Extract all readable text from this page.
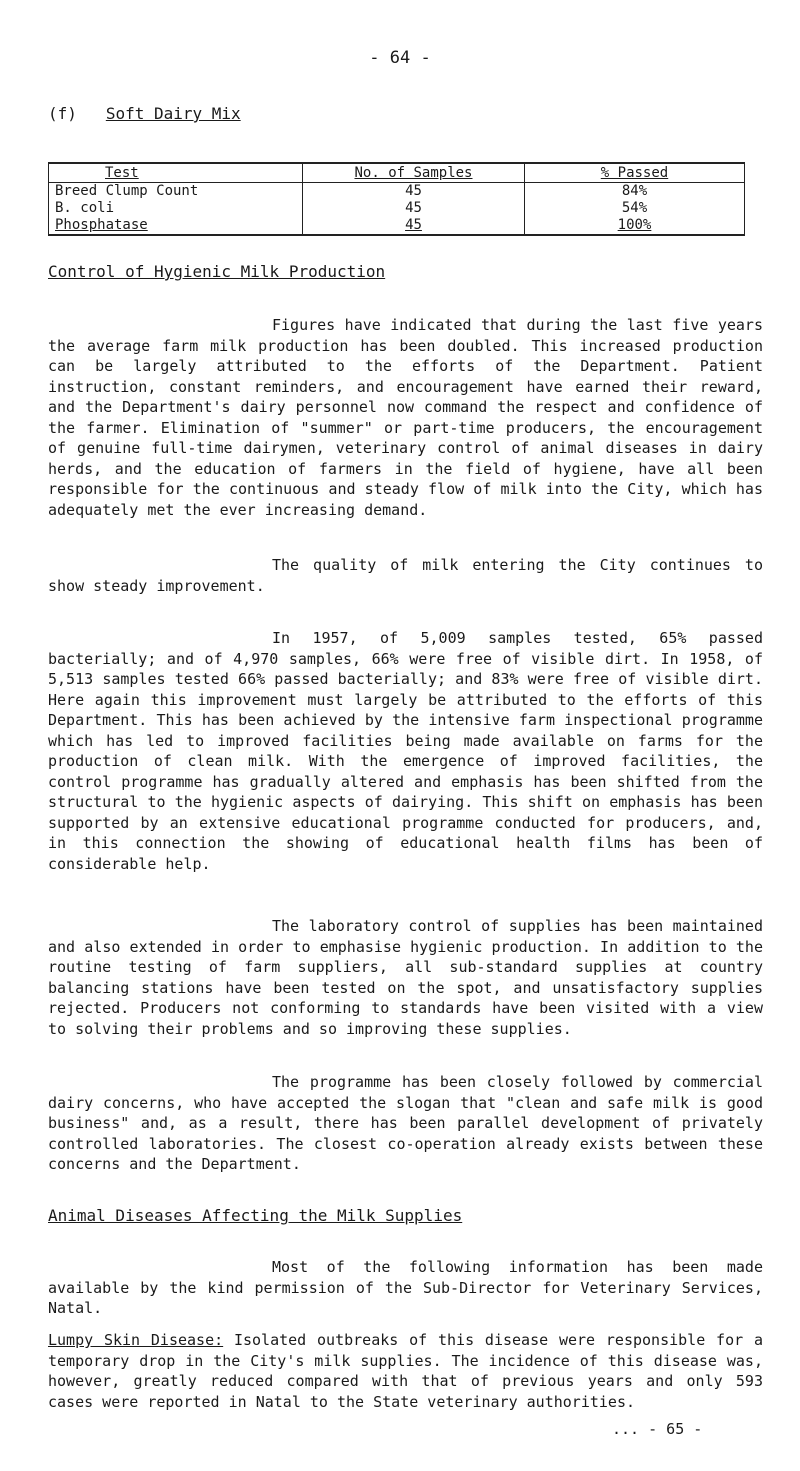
- 64 -
(f) Soft Dairy Mix
Test	No. of Samples	% Passed
Breed Clump Count	45	84%
B. coli	45	54%
Phosphatase	45	100%
Control of Hygienic Milk Production

Figures have indicated that during the last five years the average farm milk production has been doubled. This increased production can be largely attributed to the efforts of the Department. Patient instruction, constant reminders, and encouragement have earned their reward, and the Department's dairy personnel now command the respect and confidence of the farmer. Elimination of "summer" or part-time producers, the encouragement of genuine full-time dairymen, veterinary control of animal diseases in dairy herds, and the education of farmers in the field of hygiene, have all been responsible for the continuous and steady flow of milk into the City, which has adequately met the ever increasing demand.

The quality of milk entering the City continues to show steady improvement.

In 1957, of 5,009 samples tested, 65% passed bacterially; and of 4,970 samples, 66% were free of visible dirt. In 1958, of 5,513 samples tested 66% passed bacterially; and 83% were free of visible dirt. Here again this improvement must largely be attributed to the efforts of this Department. This has been achieved by the intensive farm inspectional programme which has led to improved facilities being made available on farms for the production of clean milk. With the emergence of improved facilities, the control programme has gradually altered and emphasis has been shifted from the structural to the hygienic aspects of dairying. This shift on emphasis has been supported by an extensive educational programme conducted for producers, and, in this connection the showing of educational health films has been of considerable help.

The laboratory control of supplies has been maintained and also extended in order to emphasise hygienic production. In addition to the routine testing of farm suppliers, all sub-standard supplies at country balancing stations have been tested on the spot, and unsatisfactory supplies rejected. Producers not conforming to standards have been visited with a view to solving their problems and so improving these supplies.

The programme has been closely followed by commercial dairy concerns, who have accepted the slogan that "clean and safe milk is good business" and, as a result, there has been parallel development of privately controlled laboratories. The closest co-operation already exists between these concerns and the Department.

Animal Diseases Affecting the Milk Supplies

Most of the following information has been made available by the kind permission of the Sub-Director for Veterinary Services, Natal.

Lumpy Skin Disease: Isolated outbreaks of this disease were responsible for a temporary drop in the City's milk supplies. The incidence of this disease was, however, greatly reduced compared with that of previous years and only 593 cases were reported in Natal to the State veterinary authorities.

... - 65 -
